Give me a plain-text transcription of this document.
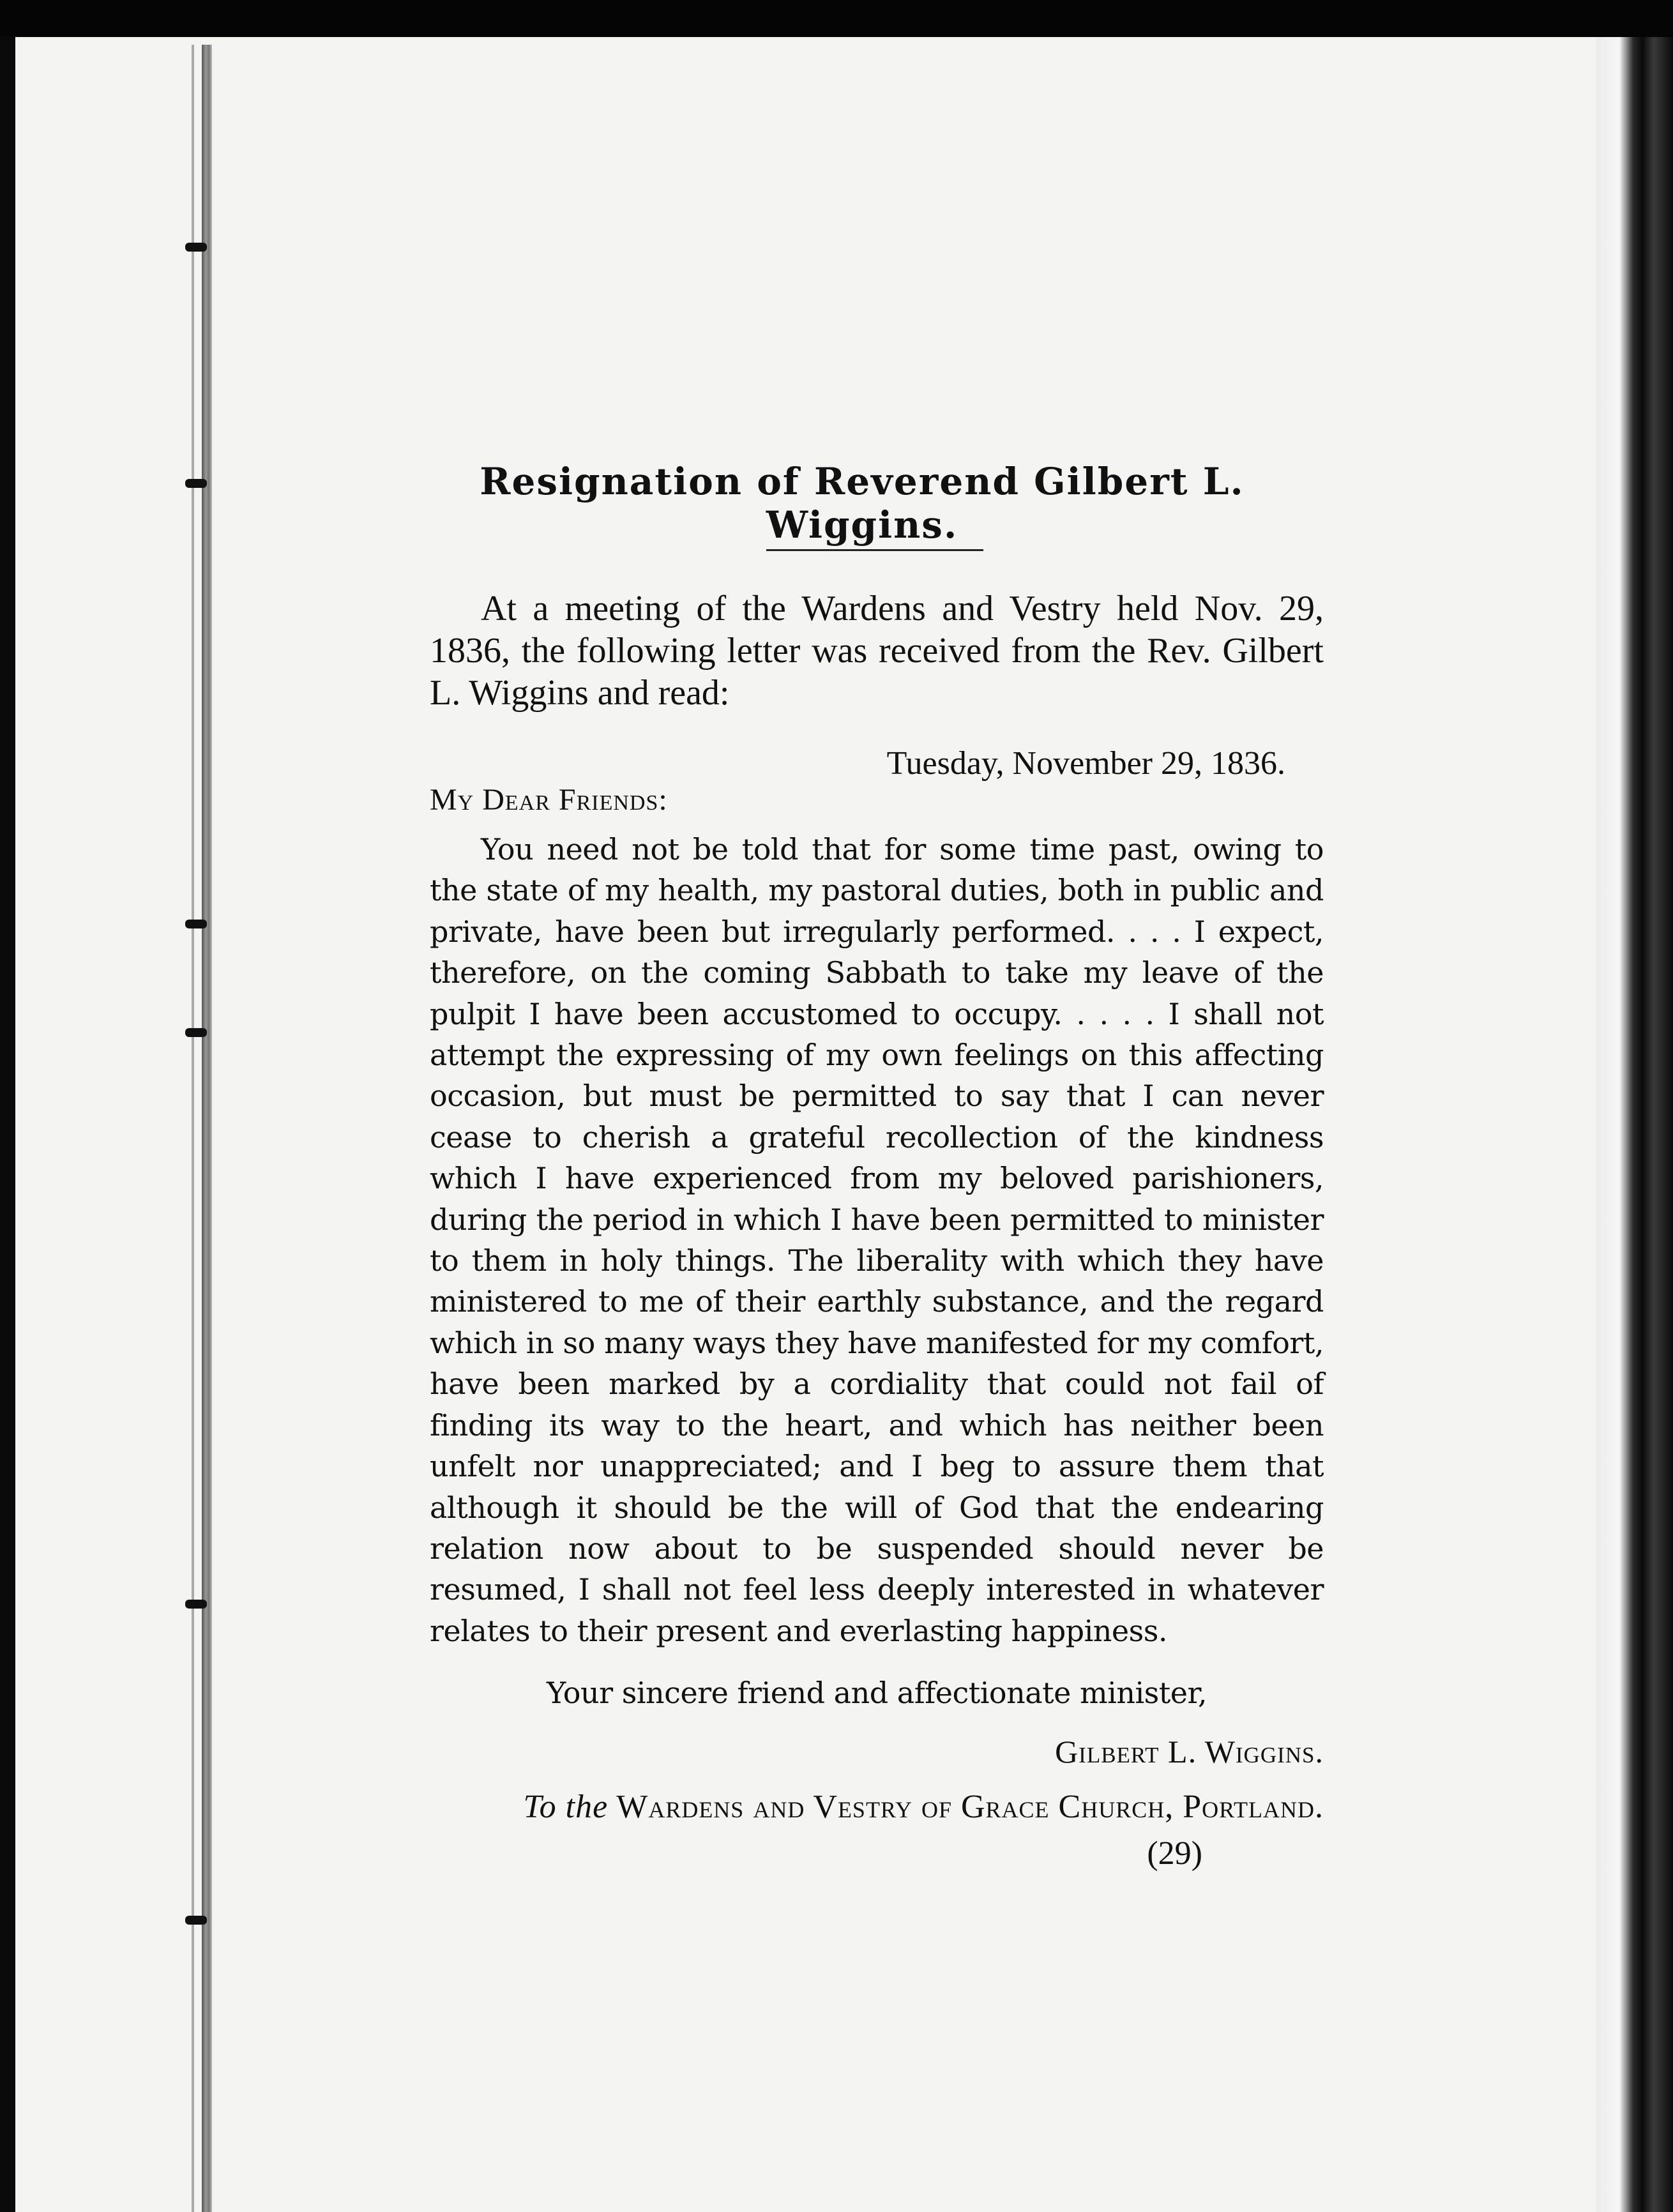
Resignation of Reverend Gilbert L. Wiggins.

At a meeting of the Wardens and Vestry held Nov. 29, 1836, the following letter was received from the Rev. Gilbert L. Wiggins and read:

Tuesday, November 29, 1836.

My Dear Friends:

You need not be told that for some time past, owing to the state of my health, my pastoral duties, both in public and private, have been but irregularly performed. . . . I expect, therefore, on the coming Sabbath to take my leave of the pulpit I have been accustomed to occupy. . . . . I shall not attempt the expressing of my own feelings on this affecting occasion, but must be permitted to say that I can never cease to cherish a grateful recollection of the kindness which I have experienced from my beloved parishioners, during the period in which I have been permitted to minister to them in holy things. The liberality with which they have ministered to me of their earthly substance, and the regard which in so many ways they have manifested for my comfort, have been marked by a cordiality that could not fail of finding its way to the heart, and which has neither been unfelt nor unappreciated; and I beg to assure them that although it should be the will of God that the endearing relation now about to be suspended should never be resumed, I shall not feel less deeply interested in whatever relates to their present and everlasting happiness.

Your sincere friend and affectionate minister,

Gilbert L. Wiggins.

To the Wardens and Vestry of Grace Church, Portland.

(29)
